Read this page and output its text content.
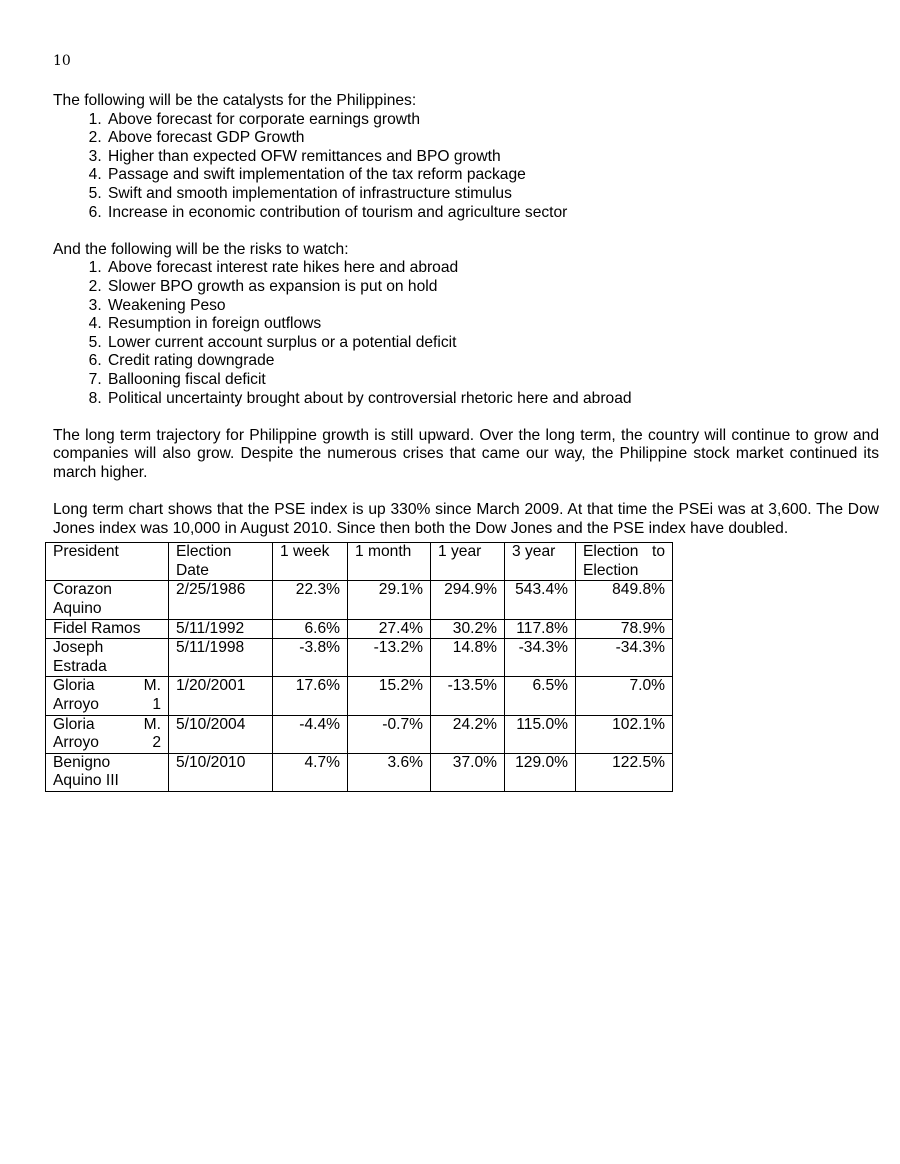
10

The following will be the catalysts for the Philippines:

1. Above forecast for corporate earnings growth
2. Above forecast GDP Growth
3. Higher than expected OFW remittances and BPO growth
4. Passage and swift implementation of the tax reform package
5. Swift and smooth implementation of infrastructure stimulus
6. Increase in economic contribution of tourism and agriculture sector

And the following will be the risks to watch:

1. Above forecast interest rate hikes here and abroad
2. Slower BPO growth as expansion is put on hold
3. Weakening Peso
4. Resumption in foreign outflows
5. Lower current account surplus or a potential deficit
6. Credit rating downgrade
7. Ballooning fiscal deficit
8. Political uncertainty brought about by controversial rhetoric here and abroad

The long term trajectory for Philippine growth is still upward. Over the long term, the country will continue to grow and companies will also grow. Despite the numerous crises that came our way, the Philippine stock market continued its march higher.

Long term chart shows that the PSE index is up 330% since March 2009. At that time the PSEi was at 3,600. The Dow Jones index was 10,000 in August 2010. Since then both the Dow Jones and the PSE index have doubled.

President	Election Date	1 week	1 month	1 year	3 year	Election to Election

Corazon Aquino	2/25/1986	22.3%	29.1%	294.9%	543.4%	849.8%
Fidel Ramos	5/11/1992	6.6%	27.4%	30.2%	117.8%	78.9%
Joseph Estrada	5/11/1998	-3.8%	-13.2%	14.8%	-34.3%	-34.3%

Gloria M. Arroyo 1	1/20/2001	17.6%	15.2%	-13.5%	6.5%	7.0%

Gloria M. Arroyo 2	5/10/2004	-4.4%	-0.7%	24.2%	115.0%	102.1%
Benigno Aquino III	5/10/2010	4.7%	3.6%	37.0%	129.0%	122.5%
